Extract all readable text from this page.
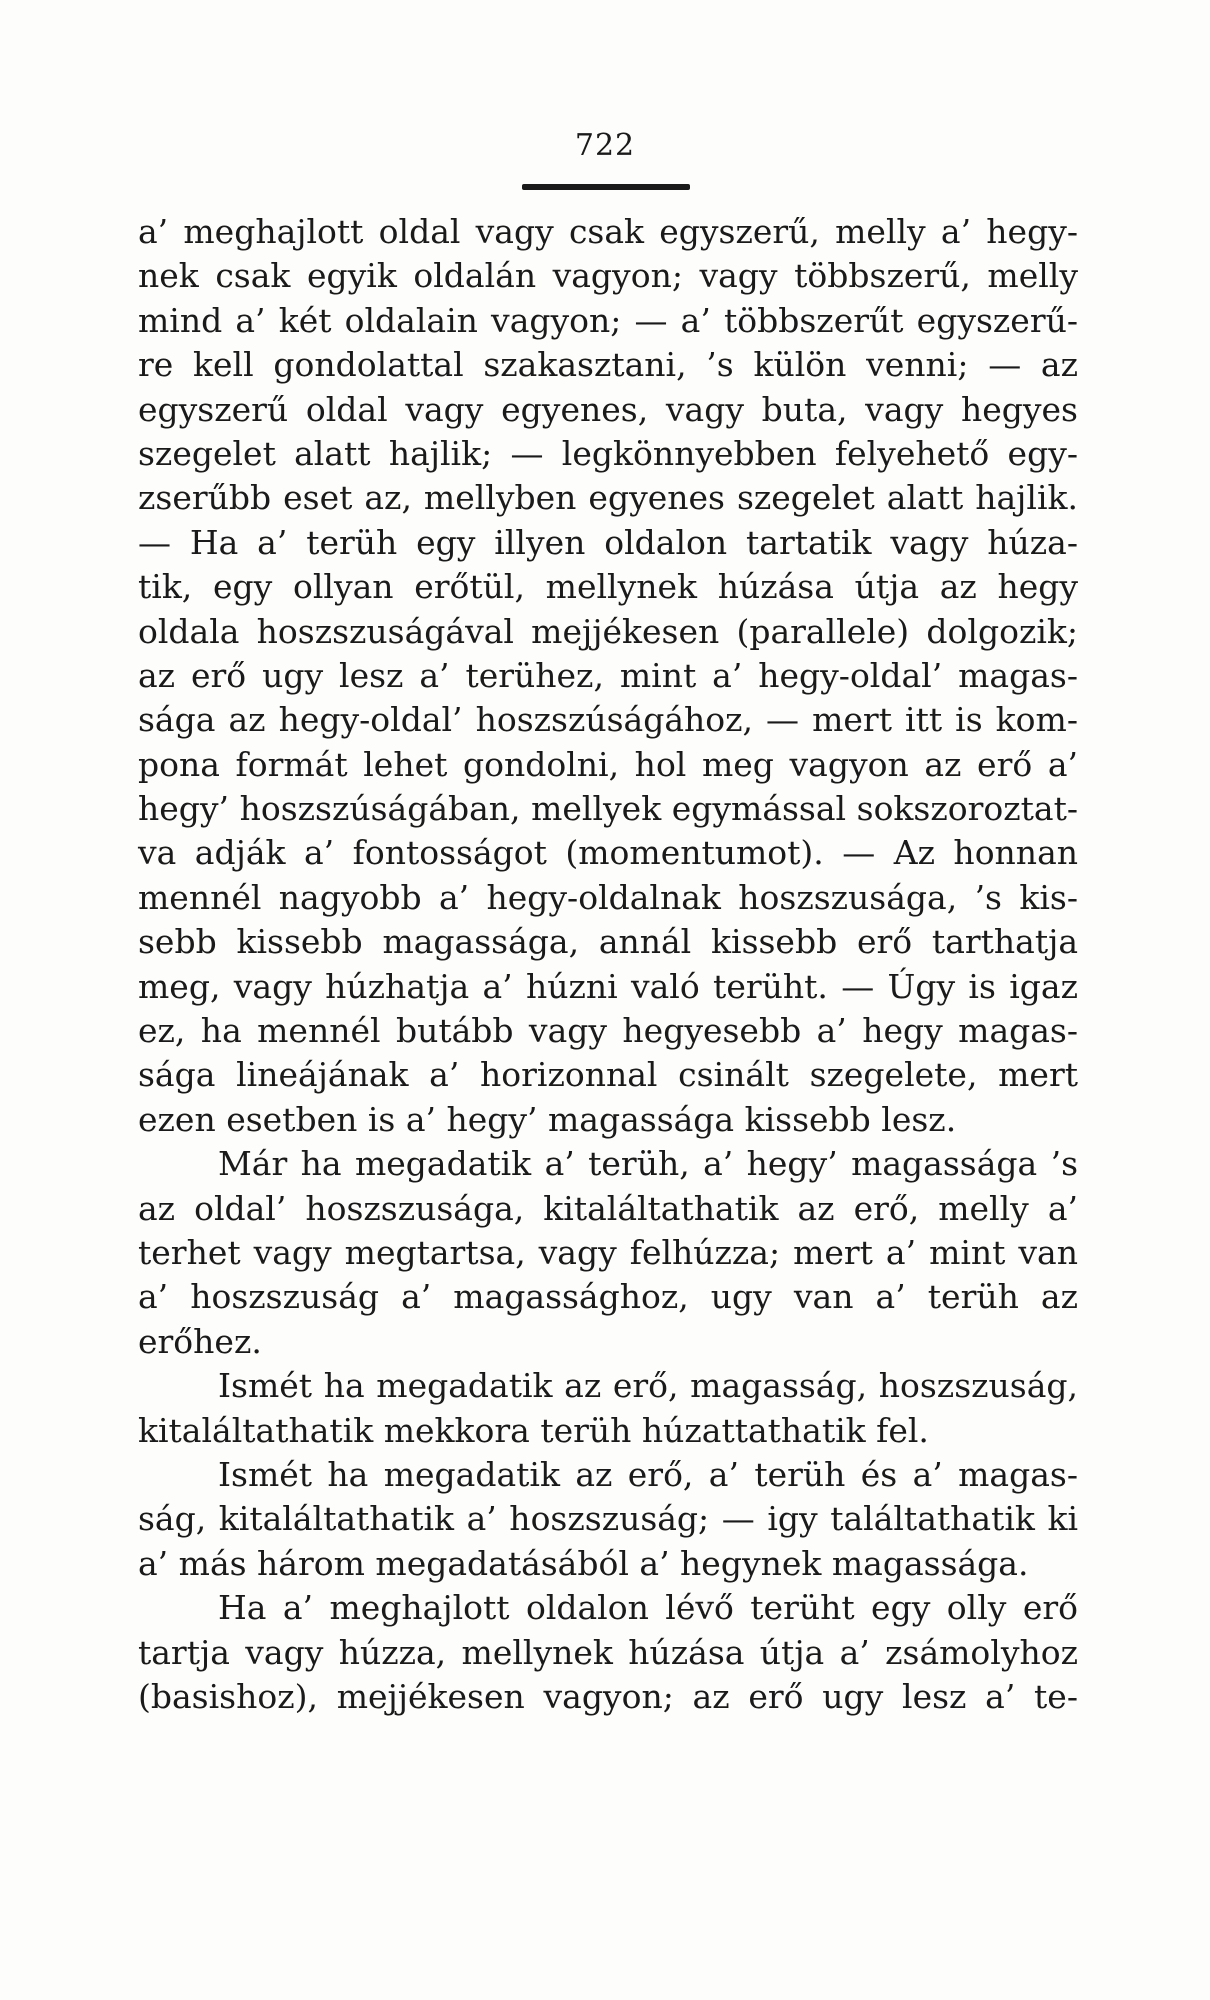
722
a’ meghajlott oldal vagy csak egyszerű, melly a’ hegy-
nek csak egyik oldalán vagyon; vagy többszerű, melly
mind a’ két oldalain vagyon; — a’ többszerűt egyszerű-
re kell gondolattal szakasztani, ’s külön venni; — az
egyszerű oldal vagy egyenes, vagy buta, vagy hegyes
szegelet alatt hajlik; — legkönnyebben felyehető egy-
zserűbb eset az, mellyben egyenes szegelet alatt hajlik.
— Ha a’ terüh egy illyen oldalon tartatik vagy húza-
tik, egy ollyan erőtül, mellynek húzása útja az hegy
oldala hoszszuságával mejjékesen (parallele) dolgozik;
az erő ugy lesz a’ terühez, mint a’ hegy-oldal’ magas-
sága az hegy-oldal’ hoszszúságához, — mert itt is kom-
pona formát lehet gondolni, hol meg vagyon az erő a’
hegy’ hoszszúságában, mellyek egymással sokszoroztat-
va adják a’ fontosságot (momentumot). — Az honnan
mennél nagyobb a’ hegy-oldalnak hoszszusága, ’s kis-
sebb kissebb magassága, annál kissebb erő tarthatja
meg, vagy húzhatja a’ húzni való terüht. — Úgy is igaz
ez, ha mennél butább vagy hegyesebb a’ hegy magas-
sága lineájának a’ horizonnal csinált szegelete, mert
ezen esetben is a’ hegy’ magassága kissebb lesz.
Már ha megadatik a’ terüh, a’ hegy’ magassága ’s
az oldal’ hoszszusága, kitaláltathatik az erő, melly a’
terhet vagy megtartsa, vagy felhúzza; mert a’ mint van
a’ hoszszuság a’ magassághoz, ugy van a’ terüh az
erőhez.
Ismét ha megadatik az erő, magasság, hoszszuság,
kitaláltathatik mekkora terüh húzattathatik fel.
Ismét ha megadatik az erő, a’ terüh és a’ magas-
ság, kitaláltathatik a’ hoszszuság; — igy találtathatik ki
a’ más három megadatásából a’ hegynek magassága.
Ha a’ meghajlott oldalon lévő terüht egy olly erő
tartja vagy húzza, mellynek húzása útja a’ zsámolyhoz
(basishoz), mejjékesen vagyon; az erő ugy lesz a’ te-
